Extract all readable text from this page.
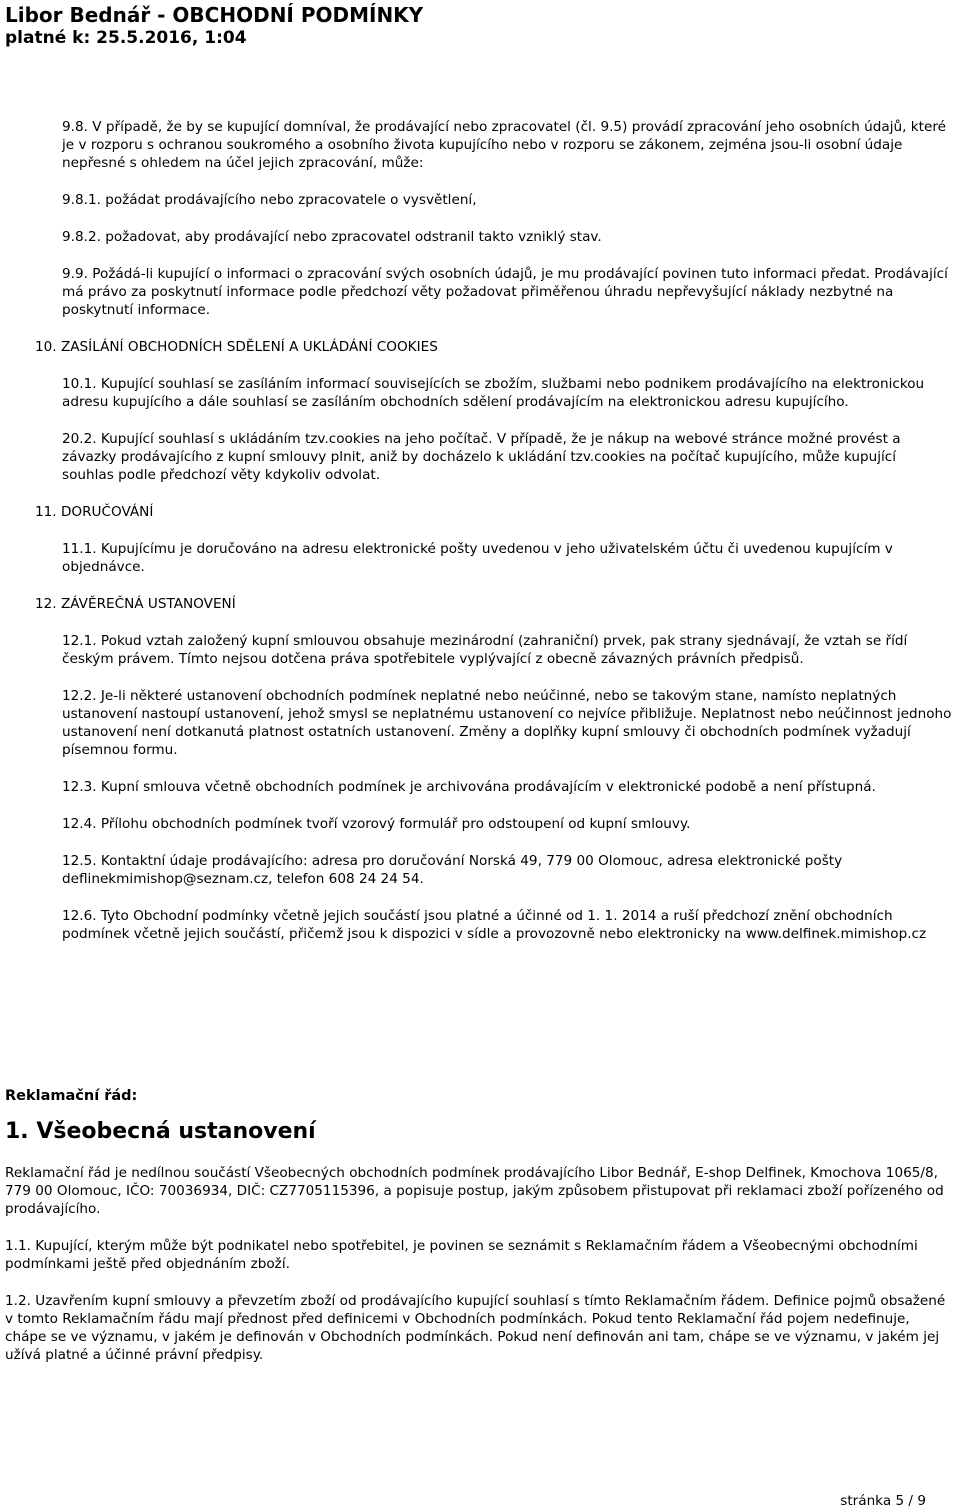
Libor Bednář - OBCHODNÍ PODMÍNKY

platné k: 25.5.2016, 1:04

9.8. V případě, že by se kupující domníval, že prodávající nebo zpracovatel (čl. 9.5) provádí zpracování jeho osobních údajů, které je v rozporu s ochranou soukromého a osobního života kupujícího nebo v rozporu se zákonem, zejména jsou-li osobní údaje nepřesné s ohledem na účel jejich zpracování, může:

9.8.1. požádat prodávajícího nebo zpracovatele o vysvětlení,

9.8.2. požadovat, aby prodávající nebo zpracovatel odstranil takto vzniklý stav.

9.9. Požádá-li kupující o informaci o zpracování svých osobních údajů, je mu prodávající povinen tuto informaci předat. Prodávající má právo za poskytnutí informace podle předchozí věty požadovat přiměřenou úhradu nepřevyšující náklady nezbytné na poskytnutí informace.

10. ZASÍLÁNÍ OBCHODNÍCH SDĚLENÍ A UKLÁDÁNÍ COOKIES

10.1. Kupující souhlasí se zasíláním informací souvisejících se zbožím, službami nebo podnikem prodávajícího na elektronickou adresu kupujícího a dále souhlasí se zasíláním obchodních sdělení prodávajícím na elektronickou adresu kupujícího.

20.2. Kupující souhlasí s ukládáním tzv.cookies na jeho počítač. V případě, že je nákup na webové stránce možné provést a závazky prodávajícího z kupní smlouvy plnit, aniž by docházelo k ukládání tzv.cookies na počítač kupujícího, může kupující souhlas podle předchozí věty kdykoliv odvolat.

11. DORUČOVÁNÍ

11.1. Kupujícímu je doručováno na adresu elektronické pošty uvedenou v jeho uživatelském účtu či uvedenou kupujícím v objednávce.

12. ZÁVĚREČNÁ USTANOVENÍ

12.1. Pokud vztah založený kupní smlouvou obsahuje mezinárodní (zahraniční) prvek, pak strany sjednávají, že vztah se řídí českým právem. Tímto nejsou dotčena práva spotřebitele vyplývající z obecně závazných právních předpisů.

12.2. Je-li některé ustanovení obchodních podmínek neplatné nebo neúčinné, nebo se takovým stane, namísto neplatných ustanovení nastoupí ustanovení, jehož smysl se neplatnému ustanovení co nejvíce přibližuje. Neplatnost nebo neúčinnost jednoho ustanovení není dotkanutá platnost ostatních ustanovení. Změny a doplňky kupní smlouvy či obchodních podmínek vyžadují písemnou formu.

12.3. Kupní smlouva včetně obchodních podmínek je archivována prodávajícím v elektronické podobě a není přístupná.

12.4. Přílohu obchodních podmínek tvoří vzorový formulář pro odstoupení od kupní smlouvy.

12.5. Kontaktní údaje prodávajícího: adresa pro doručování Norská 49, 779 00 Olomouc, adresa elektronické pošty deflinekmimishop@seznam.cz, telefon 608 24 24 54.

12.6. Tyto Obchodní podmínky včetně jejich součástí jsou platné a účinné od 1. 1. 2014 a ruší předchozí znění obchodních podmínek včetně jejich součástí, přičemž jsou k dispozici v sídle a provozovně nebo elektronicky na www.delfinek.mimishop.cz

Reklamační řád:
1. Všeobecná ustanovení

Reklamační řád je nedílnou součástí Všeobecných obchodních podmínek prodávajícího Libor Bednář, E-shop Delfinek, Kmochova 1065/8, 779 00 Olomouc, IČO: 70036934, DIČ: CZ7705115396, a popisuje postup, jakým způsobem přistupovat při reklamaci zboží pořízeného od prodávajícího.

1.1. Kupující, kterým může být podnikatel nebo spotřebitel, je povinen se seznámit s Reklamačním řádem a Všeobecnými obchodními podmínkami ještě před objednáním zboží.

1.2. Uzavřením kupní smlouvy a převzetím zboží od prodávajícího kupující souhlasí s tímto Reklamačním řádem. Definice pojmů obsažené v tomto Reklamačním řádu mají přednost před definicemi v Obchodních podmínkách. Pokud tento Reklamační řád pojem nedefinuje, chápe se ve významu, v jakém je definován v Obchodních podmínkách. Pokud není definován ani tam, chápe se ve významu, v jakém jej užívá platné a účinné právní předpisy.

stránka 5 / 9
